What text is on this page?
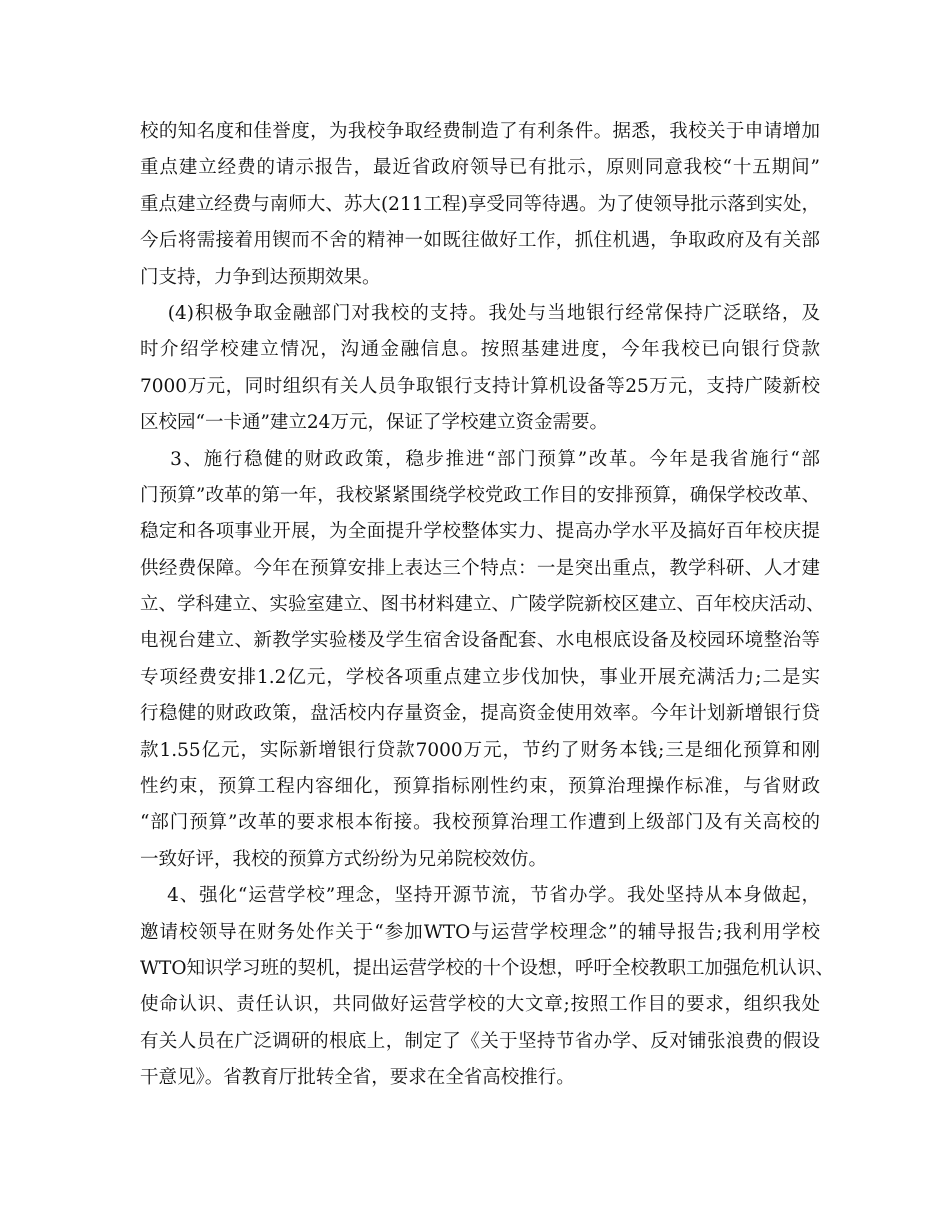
校的知名度和佳誉度，为我校争取经费制造了有利条件。据悉，我校关于申请增加
重点建立经费的请示报告，最近省政府领导已有批示，原则同意我校“十五期间”
重点建立经费与南师大、苏大(211工程)享受同等待遇。为了使领导批示落到实处，
今后将需接着用锲而不舍的精神一如既往做好工作，抓住机遇，争取政府及有关部
门支持，力争到达预期效果。
(4)积极争取金融部门对我校的支持。我处与当地银行经常保持广泛联络，及
时介绍学校建立情况，沟通金融信息。按照基建进度，今年我校已向银行贷款
7000万元，同时组织有关人员争取银行支持计算机设备等25万元，支持广陵新校
区校园“一卡通”建立24万元，保证了学校建立资金需要。
3、施行稳健的财政政策，稳步推进“部门预算”改革。今年是我省施行“部
门预算”改革的第一年，我校紧紧围绕学校党政工作目的安排预算，确保学校改革、
稳定和各项事业开展，为全面提升学校整体实力、提高办学水平及搞好百年校庆提
供经费保障。今年在预算安排上表达三个特点：一是突出重点，教学科研、人才建
立、学科建立、实验室建立、图书材料建立、广陵学院新校区建立、百年校庆活动、
电视台建立、新教学实验楼及学生宿舍设备配套、水电根底设备及校园环境整治等
专项经费安排1.2亿元，学校各项重点建立步伐加快，事业开展充满活力;二是实
行稳健的财政政策，盘活校内存量资金，提高资金使用效率。今年计划新增银行贷
款1.55亿元，实际新增银行贷款7000万元，节约了财务本钱;三是细化预算和刚
性约束，预算工程内容细化，预算指标刚性约束，预算治理操作标准，与省财政
“部门预算”改革的要求根本衔接。我校预算治理工作遭到上级部门及有关高校的
一致好评，我校的预算方式纷纷为兄弟院校效仿。
4、强化“运营学校”理念，坚持开源节流，节省办学。我处坚持从本身做起，
邀请校领导在财务处作关于“参加WTO与运营学校理念”的辅导报告;我利用学校
WTO知识学习班的契机，提出运营学校的十个设想，呼吁全校教职工加强危机认识、
使命认识、责任认识，共同做好运营学校的大文章;按照工作目的要求，组织我处
有关人员在广泛调研的根底上，制定了《关于坚持节省办学、反对铺张浪费的假设
干意见》。省教育厅批转全省，要求在全省高校推行。
